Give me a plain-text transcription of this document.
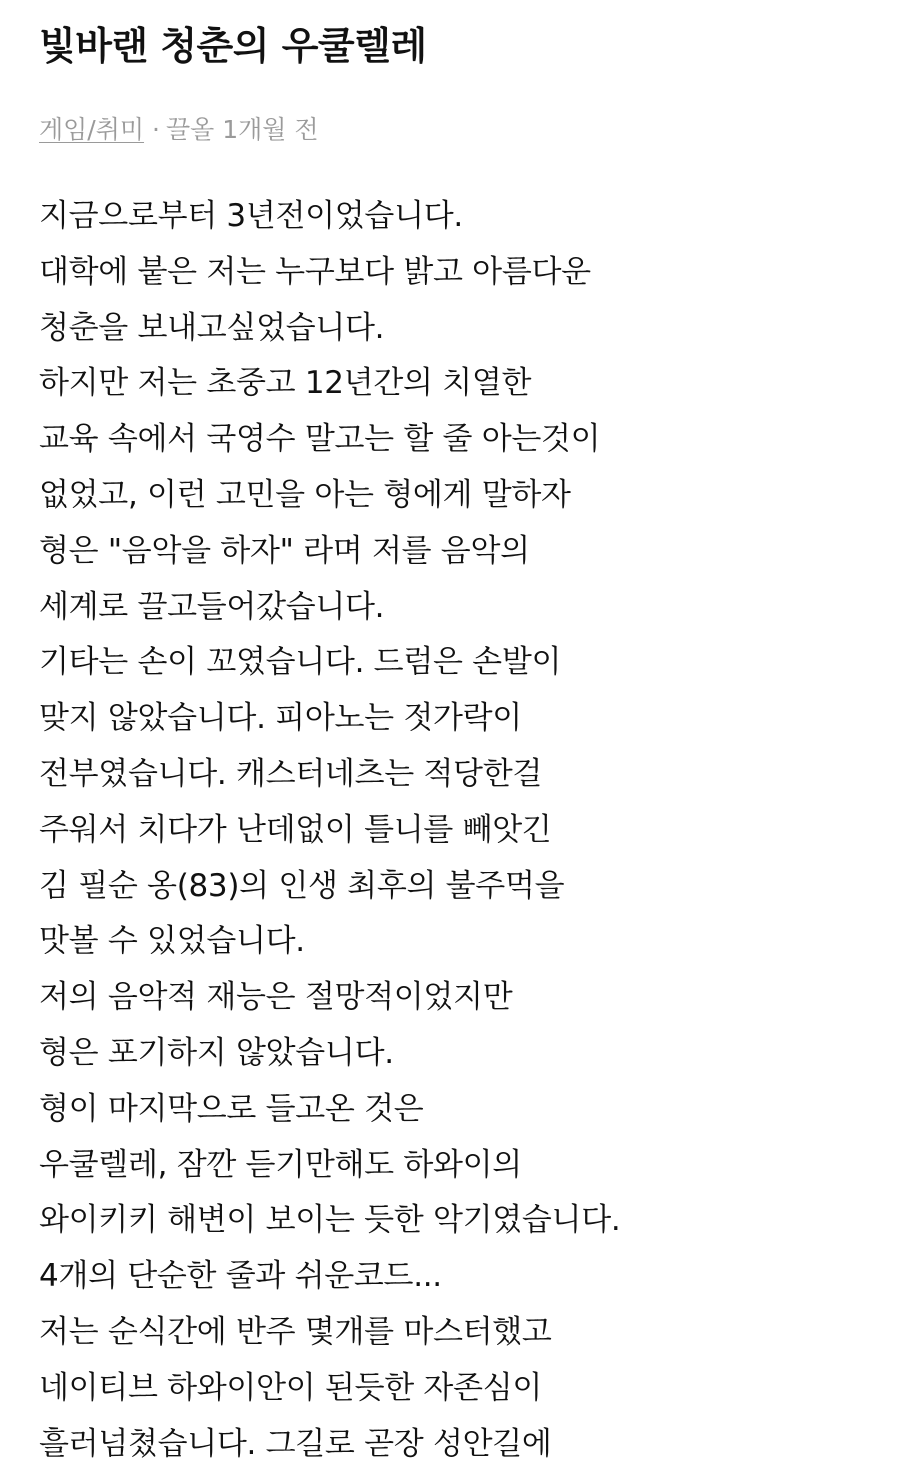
빛바랜 청춘의 우쿨렐레
게임/취미 · 끌올 1개월 전
지금으로부터 3년전이었습니다.
대학에 붙은 저는 누구보다 밝고 아름다운
청춘을 보내고싶었습니다.
하지만 저는 초중고 12년간의 치열한
교육 속에서 국영수 말고는 할 줄 아는것이
없었고, 이런 고민을 아는 형에게 말하자
형은 "음악을 하자" 라며 저를 음악의
세계로 끌고들어갔습니다.
기타는 손이 꼬였습니다. 드럼은 손발이
맞지 않았습니다. 피아노는 젓가락이
전부였습니다. 캐스터네츠는 적당한걸
주워서 치다가 난데없이 틀니를 빼앗긴
김 필순 옹(83)의 인생 최후의 불주먹을
맛볼 수 있었습니다.
저의 음악적 재능은 절망적이었지만
형은 포기하지 않았습니다.
형이 마지막으로 들고온 것은
우쿨렐레, 잠깐 듣기만해도 하와이의
와이키키 해변이 보이는 듯한 악기였습니다.
4개의 단순한 줄과 쉬운코드...
저는 순식간에 반주 몇개를 마스터했고
네이티브 하와이안이 된듯한 자존심이
흘러넘쳤습니다. 그길로 곧장 성안길에
